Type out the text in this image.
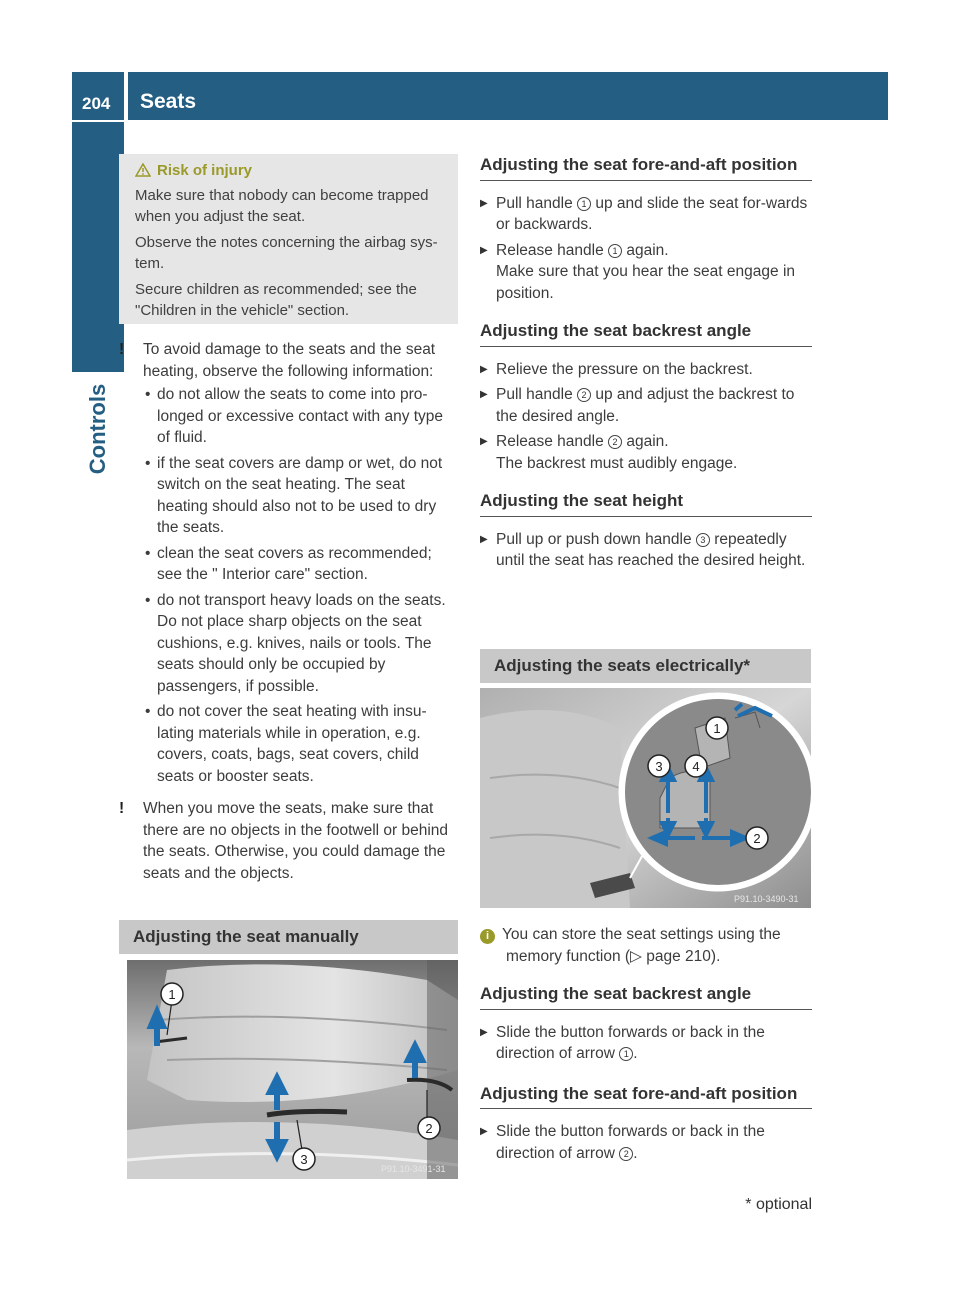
204 Seats
Controls
Risk of injury

Make sure that nobody can become trapped when you adjust the seat.

Observe the notes concerning the airbag sys-tem.

Secure children as recommended; see the "Children in the vehicle" section.

! To avoid damage to the seats and the seat heating, observe the following information:

• do not allow the seats to come into pro-longed or excessive contact with any type of fluid.

• if the seat covers are damp or wet, do not switch on the seat heating. The seat heating should also not to be used to dry the seats.

• clean the seat covers as recommended; see the " Interior care" section.

• do not transport heavy loads on the seats. Do not place sharp objects on the seat cushions, e.g. knives, nails or tools. The seats should only be occupied by passengers, if possible.

• do not cover the seat heating with insu-lating materials while in operation, e.g. covers, coats, bags, seat covers, child seats or booster seats.

! When you move the seats, make sure that there are no objects in the footwell or behind the seats. Otherwise, you could damage the seats and the objects.

Adjusting the seat manually
1
2
3
P91.10-3491-31
Adjusting the seat fore-and-aft position

▶ Pull handle 1 up and slide the seat for-wards or backwards.

▶ Release handle 1 again.

Make sure that you hear the seat engage in position.

Adjusting the seat backrest angle

▶ Relieve the pressure on the backrest.

▶ Pull handle 2 up and adjust the backrest to the desired angle.

▶ Release handle 2 again.

The backrest must audibly engage.

Adjusting the seat height

▶ Pull up or push down handle 3 repeatedly until the seat has reached the desired height.

Adjusting the seats electrically*
1
2
3 4
P91.10-3490-31

i You can store the seat settings using the memory function (▷ page 210).

Adjusting the seat backrest angle

▶ Slide the button forwards or back in the direction of arrow 1 .

Adjusting the seat fore-and-aft position

▶ Slide the button forwards or back in the direction of arrow 2 .

* optional
